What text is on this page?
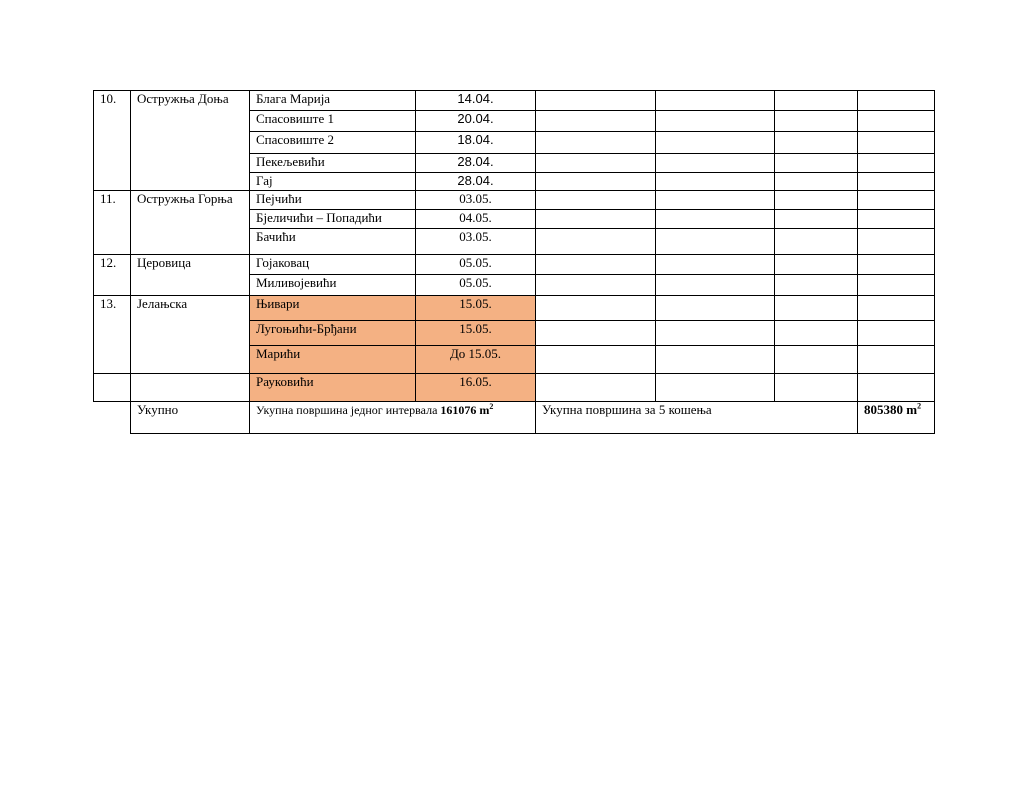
10.	Остружња Доња	Блага Марија	14.04.				
		Спасовиште 1	20.04.				
		Спасовиште 2	18.04.				
		Пекељевићи	28.04.				
		Гај	28.04.				
11.	Остружња Горња	Пејчићи	03.05.				
		Бјеличићи – Попадићи	04.05.				
		Бачићи	03.05.				
12.	Церовица	Гојаковац	05.05.				
		Миливојевићи	05.05.				
13.	Јелањска	Њивари	15.05.				
		Лугоњићи-Брђани	15.05.				
		Марићи	До 15.05.				
		Рауковићи	16.05.				
	Укупно	Укупна површина једног интервала 161076 $m^2$		Укупна површина за 5 кошења			805380 $m^2$
